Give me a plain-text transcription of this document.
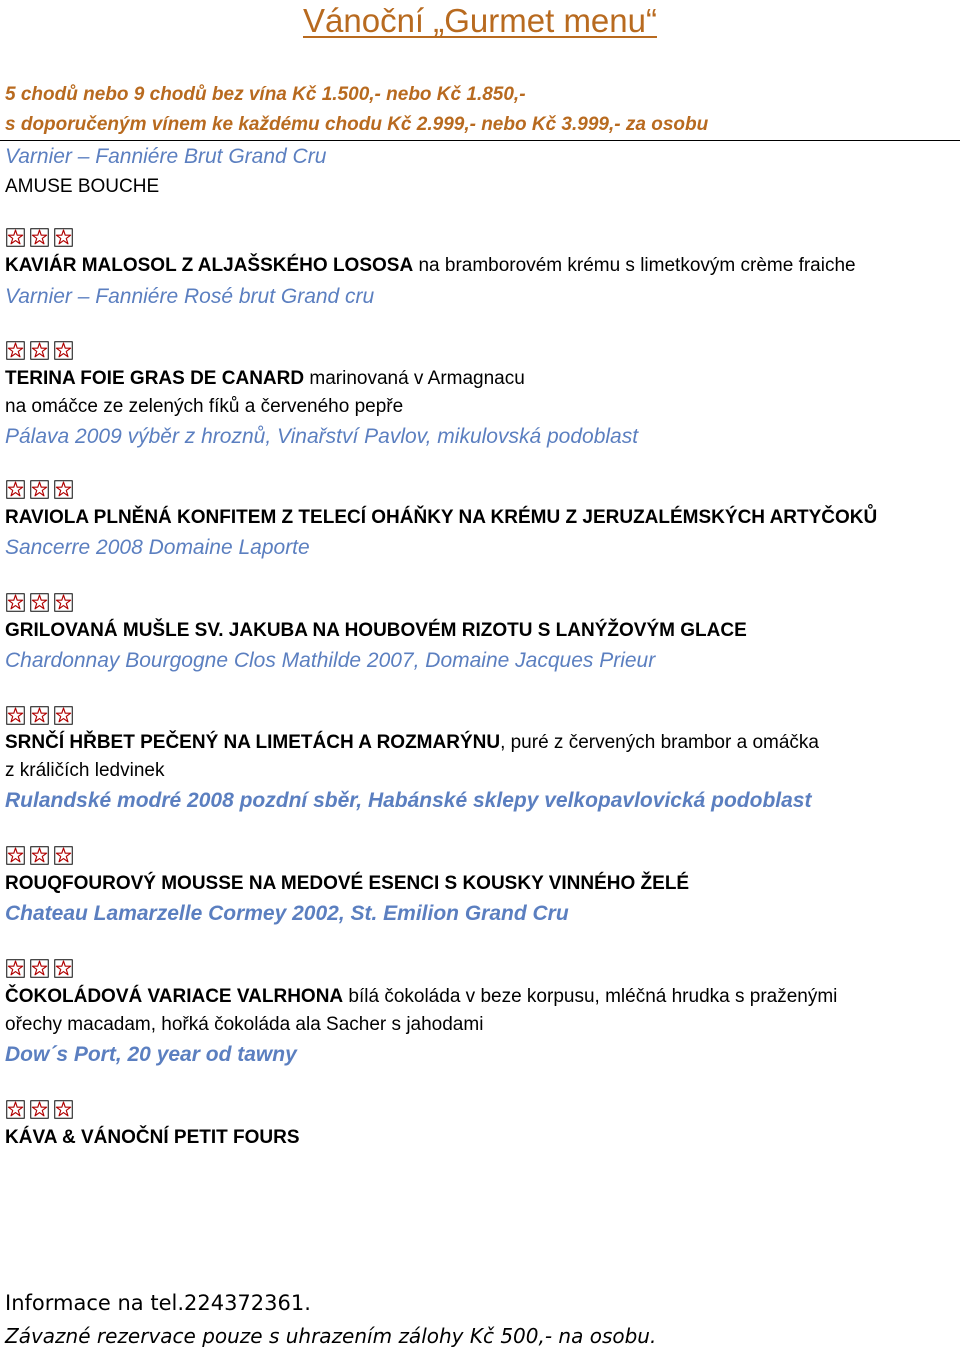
Vánoční „Gurmet menu“
5 chodů nebo 9 chodů bez vína Kč 1.500,- nebo Kč 1.850,-
s doporučeným vínem ke každému chodu Kč 2.999,- nebo Kč 3.999,- za osobu
Varnier – Fanniére Brut Grand Cru
AMUSE BOUCHE
KAVIÁR MALOSOL Z ALJAŠSKÉHO LOSOSA na bramborovém krému s limetkovým crème fraiche
Varnier – Fanniére Rosé brut Grand cru
TERINA FOIE GRAS DE CANARD marinovaná v Armagnacu
na omáčce ze zelených fíků a červeného pepře
Pálava 2009 výběr z hroznů, Vinařství Pavlov, mikulovská podoblast
RAVIOLA PLNĚNÁ KONFITEM Z TELECÍ OHÁŇKY NA KRÉMU Z JERUZALÉMSKÝCH ARTYČOKŮ
Sancerre 2008 Domaine Laporte
GRILOVANÁ MUŠLE SV. JAKUBA NA HOUBOVÉM RIZOTU S LANÝŽOVÝM GLACE
Chardonnay Bourgogne Clos Mathilde 2007, Domaine Jacques Prieur
SRNČÍ HŘBET PEČENÝ NA LIMETÁCH A ROZMARÝNU, puré z červených brambor a omáčka
z králičích ledvinek
Rulandské modré 2008 pozdní sběr, Habánské sklepy velkopavlovická podoblast
ROUQFOUROVÝ MOUSSE NA MEDOVÉ ESENCI S KOUSKY VINNÉHO ŽELÉ
Chateau Lamarzelle Cormey 2002, St. Emilion Grand Cru
ČOKOLÁDOVÁ VARIACE VALRHONA bílá čokoláda v beze korpusu, mléčná hrudka s praženými
ořechy macadam, hořká čokoláda ala Sacher s jahodami
Dow´s Port, 20 year od tawny
KÁVA & VÁNOČNÍ PETIT FOURS
Informace na tel.224372361.
Závazné rezervace pouze s uhrazením zálohy Kč 500,- na osobu.
